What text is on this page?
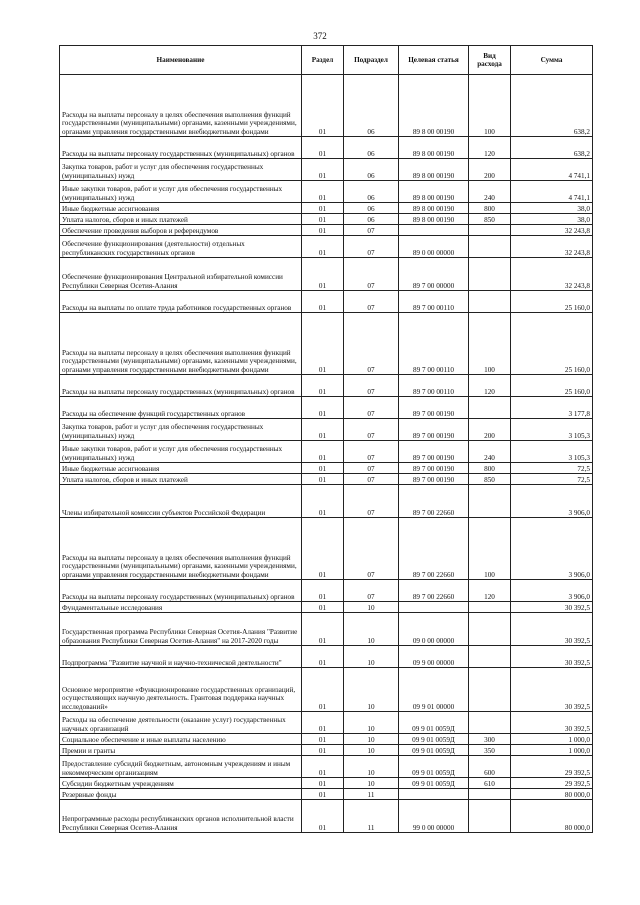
372
Наименование	Раздел	Подраздел	Целевая статья	Вид расхода	Сумма
Расходы на выплаты персоналу в целях обеспечения выполнения функций государственными (муниципальными) органами, казенными учреждениями, органами управления государственными внебюджетными фондами	01	06	89 8 00 00190	100	638,2
Расходы на выплаты персоналу государственных (муниципальных) органов	01	06	89 8 00 00190	120	638,2
Закупка товаров, работ и услуг для обеспечения государственных (муниципальных) нужд	01	06	89 8 00 00190	200	4 741,1
Иные закупки товаров, работ и услуг для обеспечения государственных (муниципальных) нужд	01	06	89 8 00 00190	240	4 741,1
Иные бюджетные ассигнования	01	06	89 8 00 00190	800	38,0
Уплата налогов, сборов и иных платежей	01	06	89 8 00 00190	850	38,0
Обеспечение проведения выборов и референдумов	01	07			32 243,8
Обеспечение функционирования (деятельности) отдельных республиканских государственных органов	01	07	89 0 00 00000		32 243,8
Обеспечение функционирования Центральной избирательной комиссии Республики Северная Осетия-Алания	01	07	89 7 00 00000		32 243,8
Расходы на выплаты по оплате труда работников государственных органов	01	07	89 7 00 00110		25 160,0
Расходы на выплаты персоналу в целях обеспечения выполнения функций государственными (муниципальными) органами, казенными учреждениями, органами управления государственными внебюджетными фондами	01	07	89 7 00 00110	100	25 160,0
Расходы на выплаты персоналу государственных (муниципальных) органов	01	07	89 7 00 00110	120	25 160,0
Расходы на обеспечение функций государственных органов	01	07	89 7 00 00190		3 177,8
Закупка товаров, работ и услуг для обеспечения государственных (муниципальных) нужд	01	07	89 7 00 00190	200	3 105,3
Иные закупки товаров, работ и услуг для обеспечения государственных (муниципальных) нужд	01	07	89 7 00 00190	240	3 105,3
Иные бюджетные ассигнования	01	07	89 7 00 00190	800	72,5
Уплата налогов, сборов и иных платежей	01	07	89 7 00 00190	850	72,5
Члены избирательной комиссии субъектов Российской Федерации	01	07	89 7 00 22660		3 906,0
Расходы на выплаты персоналу в целях обеспечения выполнения функций государственными (муниципальными) органами, казенными учреждениями, органами управления государственными внебюджетными фондами	01	07	89 7 00 22660	100	3 906,0
Расходы на выплаты персоналу государственных (муниципальных) органов	01	07	89 7 00 22660	120	3 906,0
Фундаментальные исследования	01	10			30 392,5
Государственная программа Республики Северная Осетия-Алания "Развитие образования Республики Северная Осетия-Алания" на 2017-2020 годы	01	10	09 0 00 00000		30 392,5
Подпрограмма "Развитие научной и научно-технической деятельности"	01	10	09 9 00 00000		30 392,5
Основное мероприятие «Функционирование государственных организаций, осуществляющих научную деятельность. Грантовая поддержка научных исследований»	01	10	09 9 01 00000		30 392,5
Расходы на обеспечение деятельности (оказание услуг) государственных научных организаций	01	10	09 9 01 0059Д		30 392,5
Социальное обеспечение и иные выплаты населению	01	10	09 9 01 0059Д	300	1 000,0
Премии и гранты	01	10	09 9 01 0059Д	350	1 000,0
Предоставление субсидий бюджетным, автономным учреждениям и иным некоммерческим организациям	01	10	09 9 01 0059Д	600	29 392,5
Субсидии бюджетным учреждениям	01	10	09 9 01 0059Д	610	29 392,5
Резервные фонды	01	11			80 000,0
Непрограммные расходы республиканских органов исполнительной власти Республики Северная Осетия-Алания	01	11	99 0 00 00000		80 000,0
